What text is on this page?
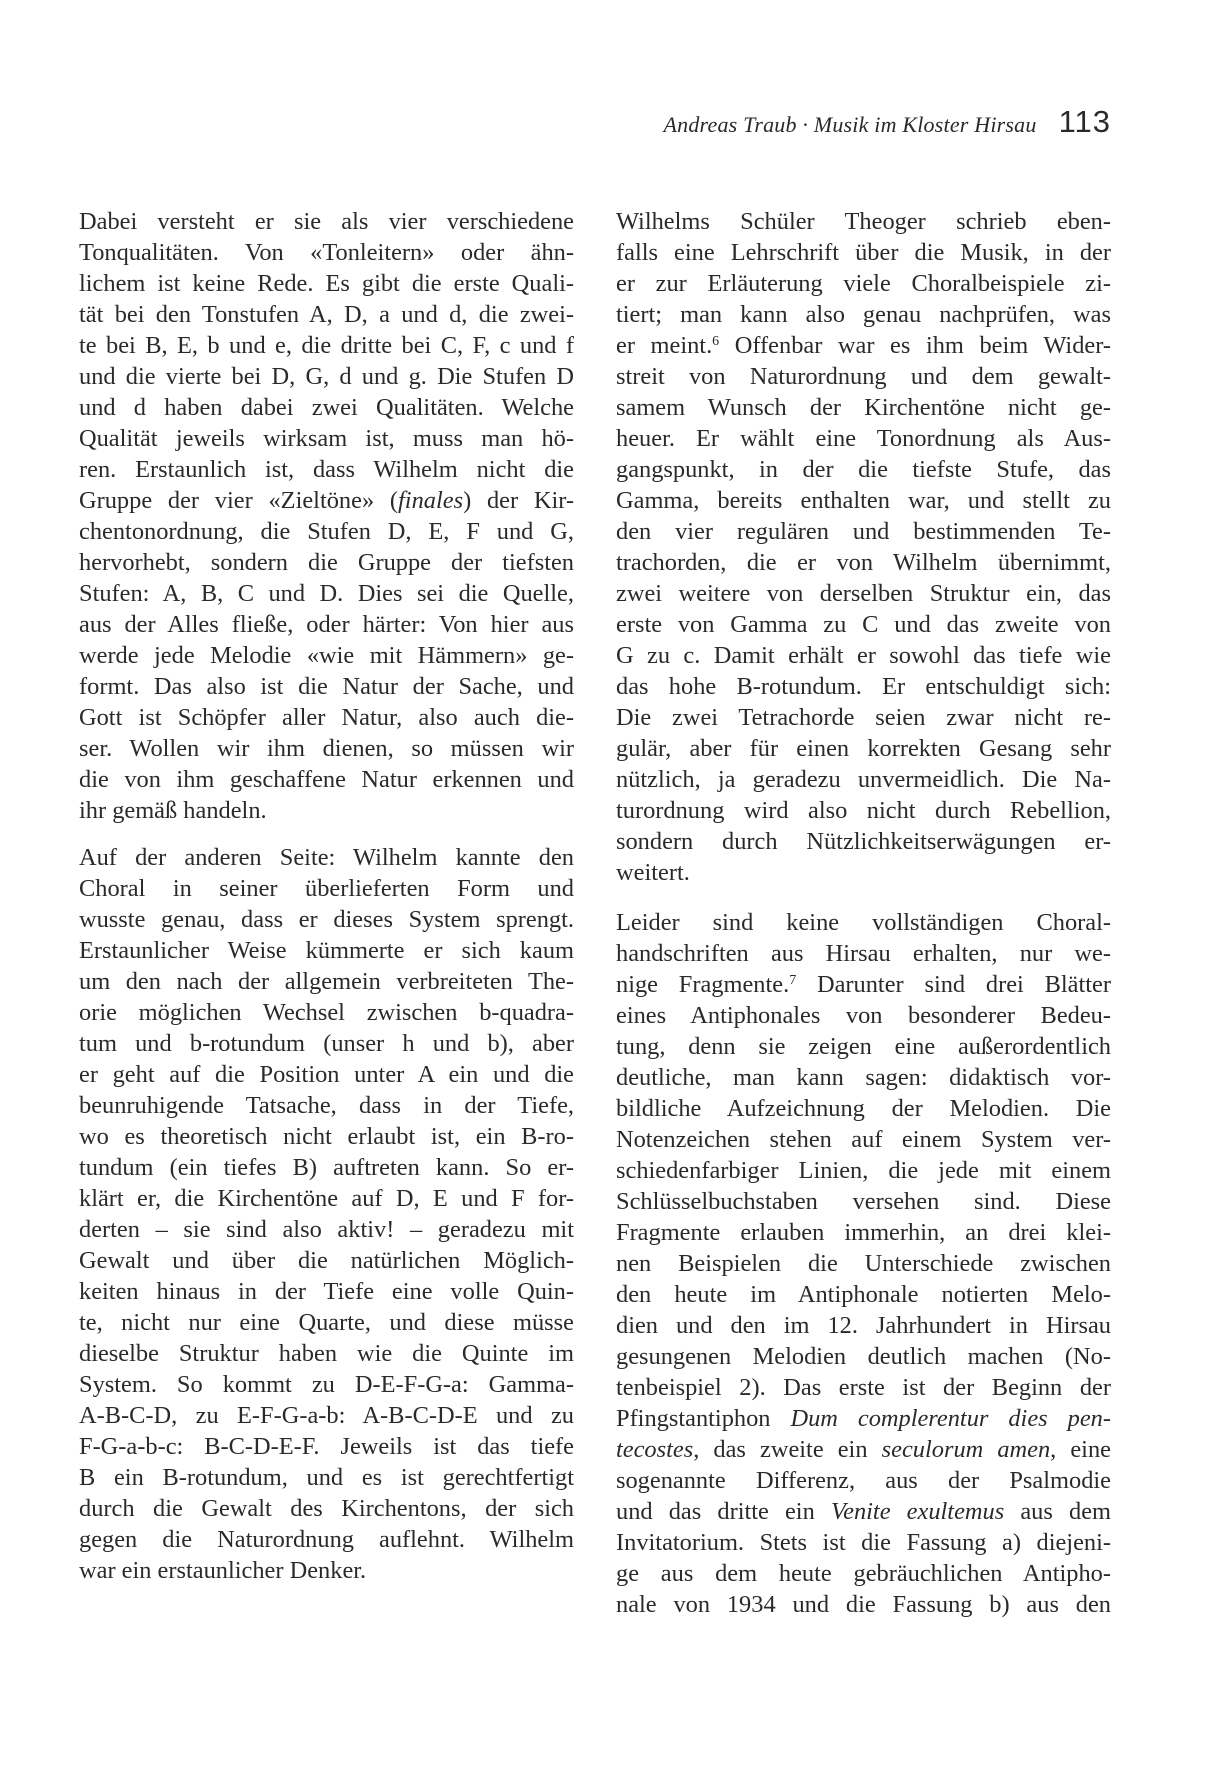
Andreas Traub · Musik im Kloster Hirsau 113

Dabei versteht er sie als vier verschiedene
Tonqualitäten. Von «Tonleitern» oder ähn-
lichem ist keine Rede. Es gibt die erste Quali-
tät bei den Tonstufen A, D, a und d, die zwei-
te bei B, E, b und e, die dritte bei C, F, c und f
und die vierte bei D, G, d und g. Die Stufen D
und d haben dabei zwei Qualitäten. Welche
Qualität jeweils wirksam ist, muss man hö-
ren. Erstaunlich ist, dass Wilhelm nicht die
Gruppe der vier «Zieltöne» (finales) der Kir-
chentonordnung, die Stufen D, E, F und G,
hervorhebt, sondern die Gruppe der tiefsten
Stufen: A, B, C und D. Dies sei die Quelle,
aus der Alles fließe, oder härter: Von hier aus
werde jede Melodie «wie mit Hämmern» ge-
formt. Das also ist die Natur der Sache, und
Gott ist Schöpfer aller Natur, also auch die-
ser. Wollen wir ihm dienen, so müssen wir
die von ihm geschaffene Natur erkennen und
ihr gemäß handeln.

Auf der anderen Seite: Wilhelm kannte den
Choral in seiner überlieferten Form und
wusste genau, dass er dieses System sprengt.
Erstaunlicher Weise kümmerte er sich kaum
um den nach der allgemein verbreiteten The-
orie möglichen Wechsel zwischen b-quadra-
tum und b-rotundum (unser h und b), aber
er geht auf die Position unter A ein und die
beunruhigende Tatsache, dass in der Tiefe,
wo es theoretisch nicht erlaubt ist, ein B-ro-
tundum (ein tiefes B) auftreten kann. So er-
klärt er, die Kirchentöne auf D, E und F for-
derten – sie sind also aktiv! – geradezu mit
Gewalt und über die natürlichen Möglich-
keiten hinaus in der Tiefe eine volle Quin-
te, nicht nur eine Quarte, und diese müsse
dieselbe Struktur haben wie die Quinte im
System. So kommt zu D-E-F-G-a: Gamma-
A-B-C-D, zu E-F-G-a-b: A-B-C-D-E und zu
F-G-a-b-c: B-C-D-E-F. Jeweils ist das tiefe
B ein B-rotundum, und es ist gerechtfertigt
durch die Gewalt des Kirchentons, der sich
gegen die Naturordnung auflehnt. Wilhelm
war ein erstaunlicher Denker.

Wilhelms Schüler Theoger schrieb eben-
falls eine Lehrschrift über die Musik, in der
er zur Erläuterung viele Choralbeispiele zi-
tiert; man kann also genau nachprüfen, was
er meint.$^6$ Offenbar war es ihm beim Wider-
streit von Naturordnung und dem gewalt-
samem Wunsch der Kirchentöne nicht ge-
heuer. Er wählt eine Tonordnung als Aus-
gangspunkt, in der die tiefste Stufe, das
Gamma, bereits enthalten war, und stellt zu
den vier regulären und bestimmenden Te-
trachorden, die er von Wilhelm übernimmt,
zwei weitere von derselben Struktur ein, das
erste von Gamma zu C und das zweite von
G zu c. Damit erhält er sowohl das tiefe wie
das hohe B-rotundum. Er entschuldigt sich:
Die zwei Tetrachorde seien zwar nicht re-
gulär, aber für einen korrekten Gesang sehr
nützlich, ja geradezu unvermeidlich. Die Na-
turordnung wird also nicht durch Rebellion,
sondern durch Nützlichkeitserwägungen er-
weitert.

Leider sind keine vollständigen Choral-
handschriften aus Hirsau erhalten, nur we-
nige Fragmente.$^7$ Darunter sind drei Blätter
eines Antiphonales von besonderer Bedeu-
tung, denn sie zeigen eine außerordentlich
deutliche, man kann sagen: didaktisch vor-
bildliche Aufzeichnung der Melodien. Die
Notenzeichen stehen auf einem System ver-
schiedenfarbiger Linien, die jede mit einem
Schlüsselbuchstaben versehen sind. Diese
Fragmente erlauben immerhin, an drei klei-
nen Beispielen die Unterschiede zwischen
den heute im Antiphonale notierten Melo-
dien und den im 12. Jahrhundert in Hirsau
gesungenen Melodien deutlich machen (No-
tenbeispiel 2). Das erste ist der Beginn der
Pfingstantiphon Dum complerentur dies pen-
tecostes, das zweite ein seculorum amen, eine
sogenannte Differenz, aus der Psalmodie
und das dritte ein Venite exultemus aus dem
Invitatorium. Stets ist die Fassung a) diejeni-
ge aus dem heute gebräuchlichen Antipho-
nale von 1934 und die Fassung b) aus den
